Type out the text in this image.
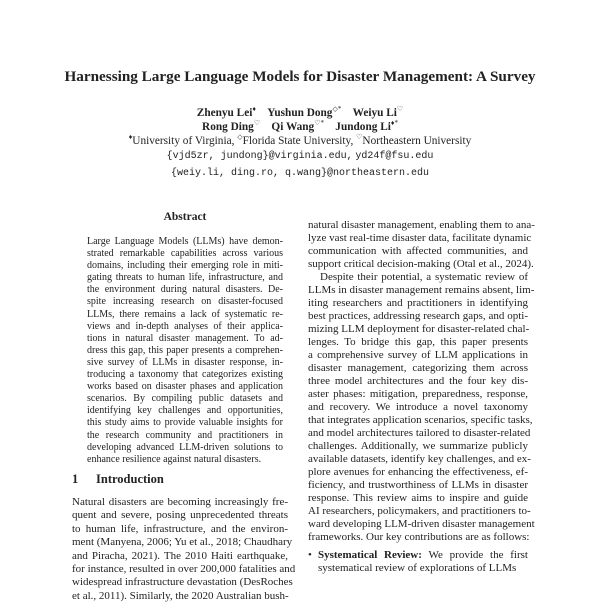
Harnessing Large Language Models for Disaster Management: A Survey
Zhenyu Lei♦  Yushun Dong◇*  Weiyu Li♡
Rong Ding♡  Qi Wang♡*  Jundong Li♦*
♦University of Virginia, ◇Florida State University, ♡Northeastern University
{vjd5zr, jundong}@virginia.edu, yd24f@fsu.edu
{weiy.li, ding.ro, q.wang}@northeastern.edu
Abstract
Large Language Models (LLMs) have demon-
strated remarkable capabilities across various
domains, including their emerging role in miti-
gating threats to human life, infrastructure, and
the environment during natural disasters. De-
spite increasing research on disaster-focused
LLMs, there remains a lack of systematic re-
views and in-depth analyses of their applica-
tions in natural disaster management. To ad-
dress this gap, this paper presents a comprehen-
sive survey of LLMs in disaster response, in-
troducing a taxonomy that categorizes existing
works based on disaster phases and application
scenarios. By compiling public datasets and
identifying key challenges and opportunities,
this study aims to provide valuable insights for
the research community and practitioners in
developing advanced LLM-driven solutions to
enhance resilience against natural disasters.
1 Introduction
Natural disasters are becoming increasingly fre-
quent and severe, posing unprecedented threats
to human life, infrastructure, and the environ-
ment (Manyena, 2006; Yu et al., 2018; Chaudhary
and Piracha, 2021). The 2010 Haiti earthquake,
for instance, resulted in over 200,000 fatalities and
widespread infrastructure devastation (DesRoches
et al., 2011). Similarly, the 2020 Australian bush-
natural disaster management, enabling them to ana-
lyze vast real-time disaster data, facilitate dynamic
communication with affected communities, and
support critical decision-making (Otal et al., 2024).
Despite their potential, a systematic review of
LLMs in disaster management remains absent, lim-
iting researchers and practitioners in identifying
best practices, addressing research gaps, and opti-
mizing LLM deployment for disaster-related chal-
lenges. To bridge this gap, this paper presents
a comprehensive survey of LLM applications in
disaster management, categorizing them across
three model architectures and the four key dis-
aster phases: mitigation, preparedness, response,
and recovery. We introduce a novel taxonomy
that integrates application scenarios, specific tasks,
and model architectures tailored to disaster-related
challenges. Additionally, we summarize publicly
available datasets, identify key challenges, and ex-
plore avenues for enhancing the effectiveness, ef-
ficiency, and trustworthiness of LLMs in disaster
response. This review aims to inspire and guide
AI researchers, policymakers, and practitioners to-
ward developing LLM-driven disaster management
frameworks. Our key contributions are as follows:
• Systematical Review: We provide the first
systematical review of explorations of LLMs
